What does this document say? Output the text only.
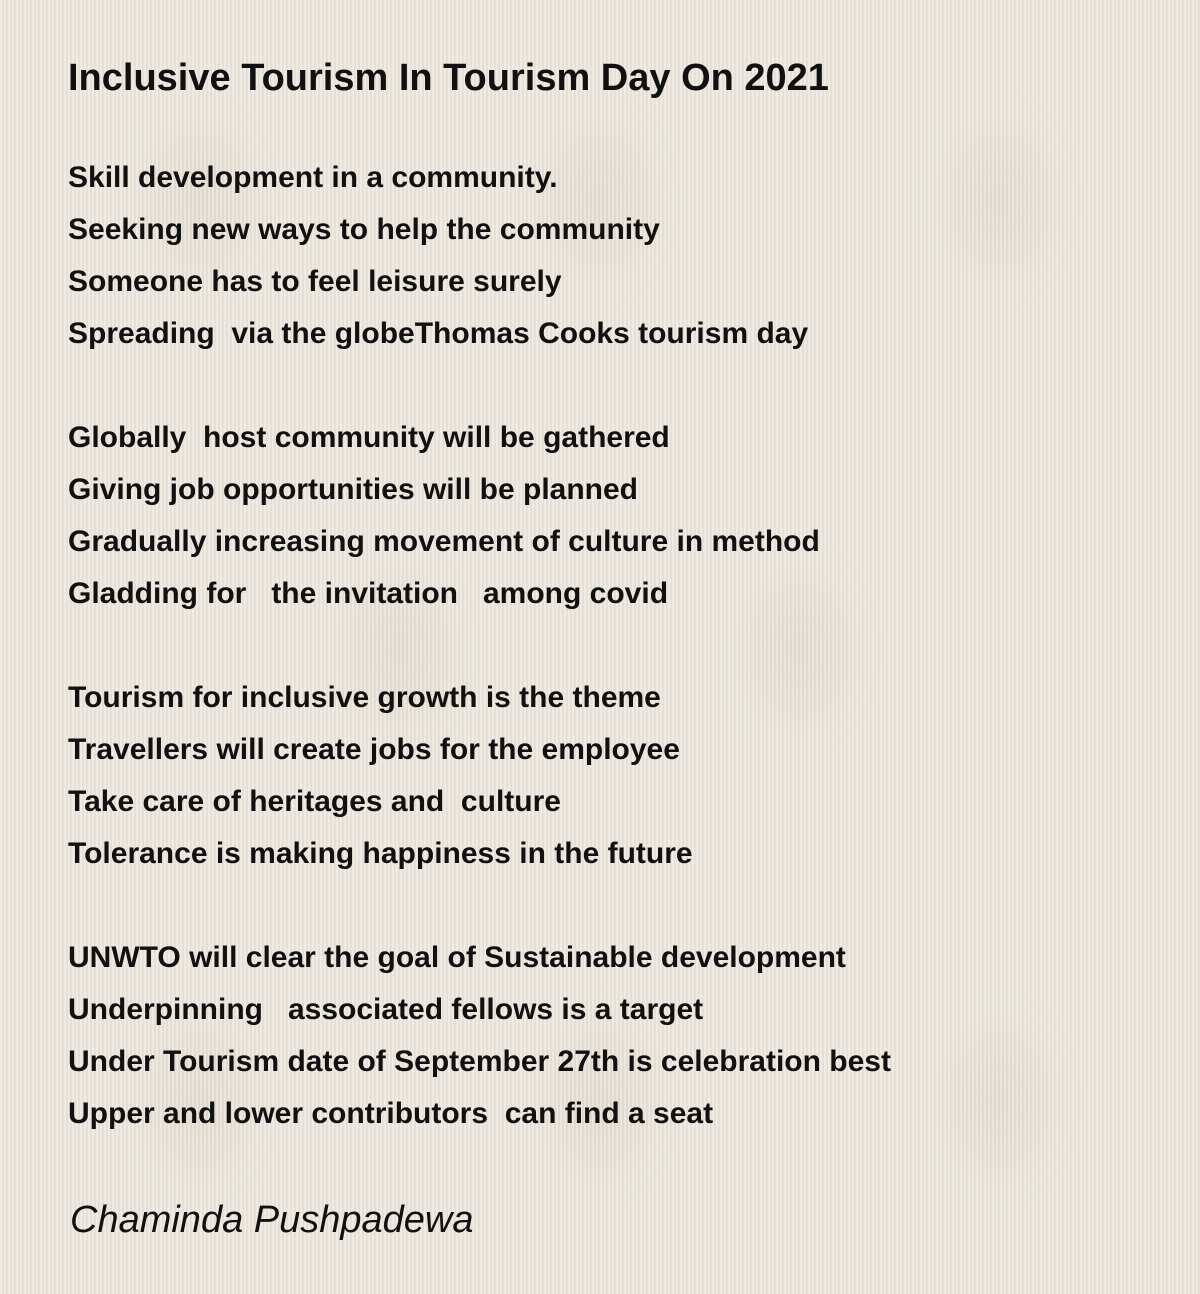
Inclusive Tourism In Tourism Day On 2021
Skill development in a community.
Seeking new ways to help the community
Someone has to feel leisure surely
Spreading  via the globeThomas Cooks tourism day
Globally  host community will be gathered
Giving job opportunities will be planned
Gradually increasing movement of culture in method
Gladding for   the invitation   among covid
Tourism for inclusive growth is the theme
Travellers will create jobs for the employee
Take care of heritages and  culture
Tolerance is making happiness in the future
UNWTO will clear the goal of Sustainable development
Underpinning   associated fellows is a target
Under Tourism date of September 27th is celebration best
Upper and lower contributors  can find a seat

Chaminda Pushpadewa
